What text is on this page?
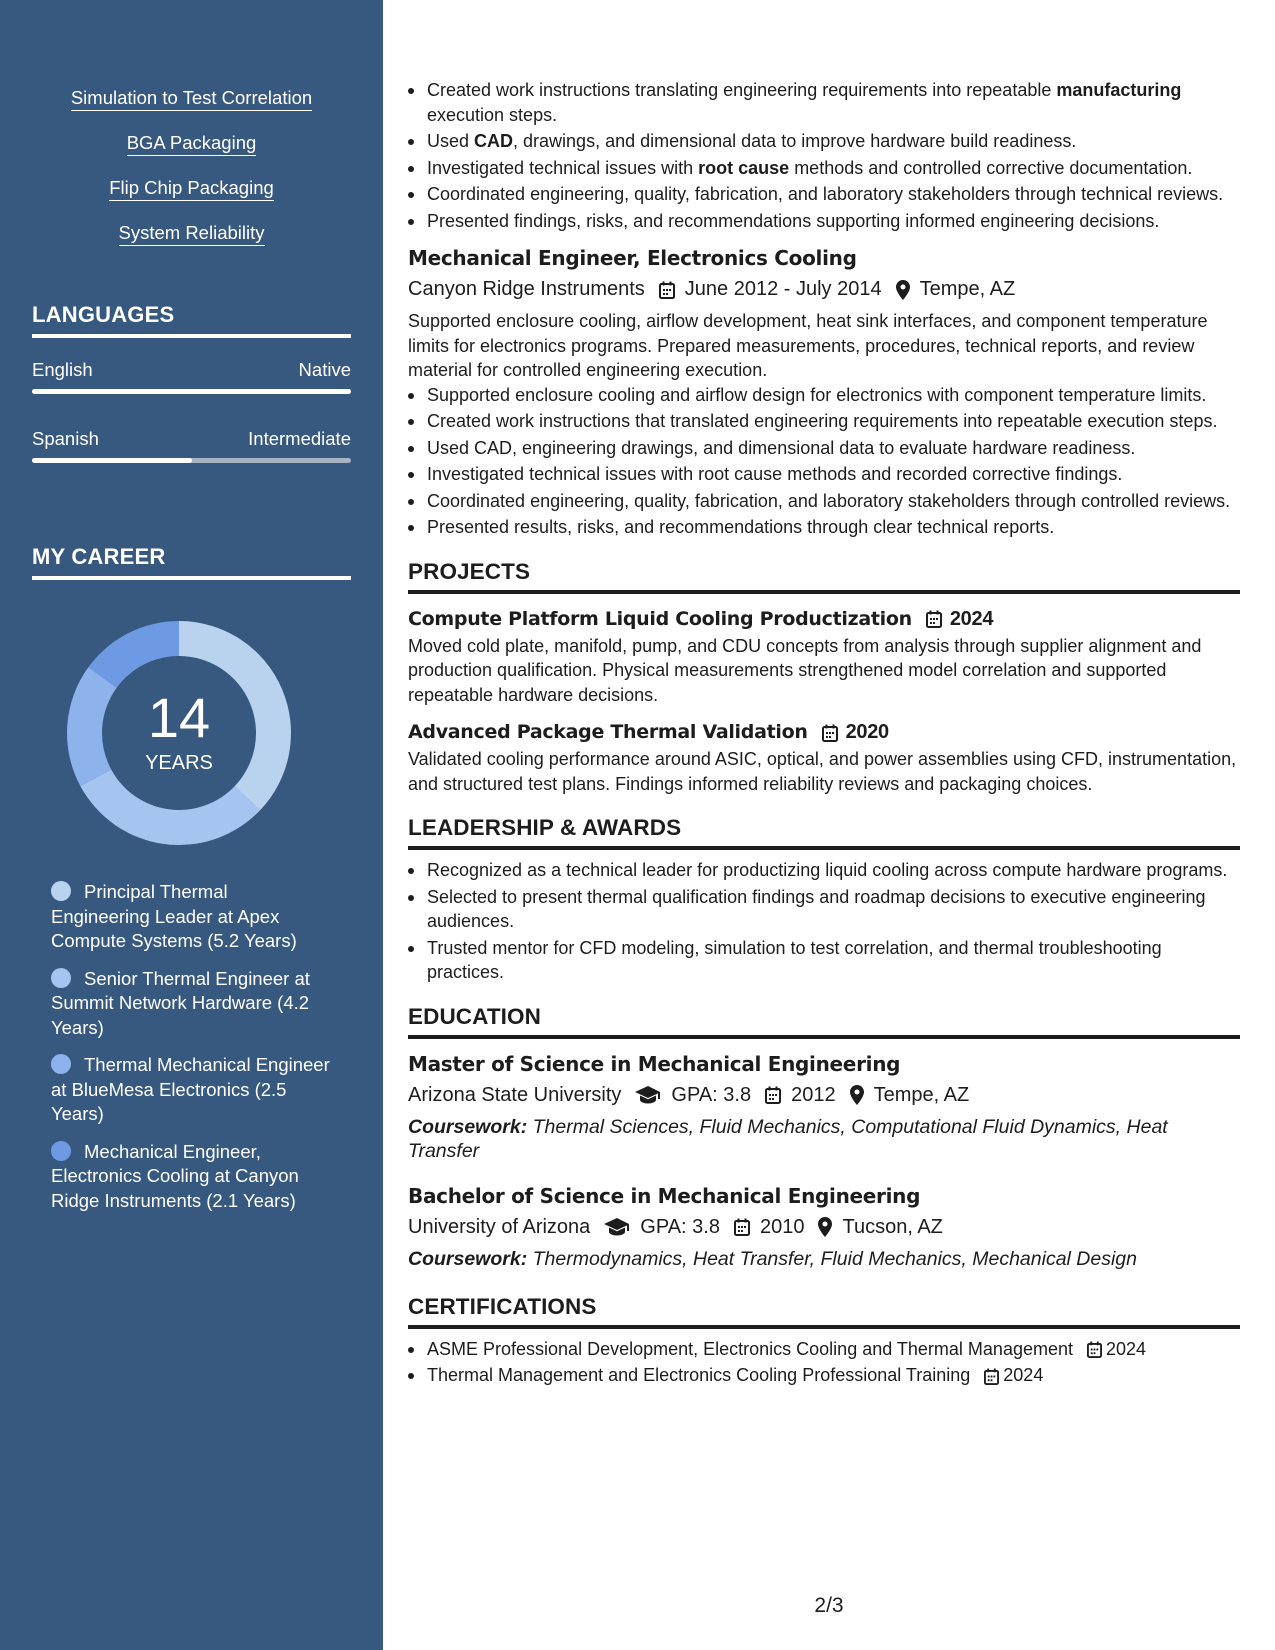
Simulation to Test Correlation
BGA Packaging
Flip Chip Packaging
System Reliability
LANGUAGES
English	Native
Spanish	Intermediate
MY CAREER
14
YEARS
Principal Thermal Engineering Leader at Apex Compute Systems (5.2 Years)
Senior Thermal Engineer at Summit Network Hardware (4.2 Years)
Thermal Mechanical Engineer at BlueMesa Electronics (2.5 Years)
Mechanical Engineer, Electronics Cooling at Canyon Ridge Instruments (2.1 Years)
Created work instructions translating engineering requirements into repeatable manufacturing execution steps.
Used CAD, drawings, and dimensional data to improve hardware build readiness.
Investigated technical issues with root cause methods and controlled corrective documentation.
Coordinated engineering, quality, fabrication, and laboratory stakeholders through technical reviews.
Presented findings, risks, and recommendations supporting informed engineering decisions.
Mechanical Engineer, Electronics Cooling
Canyon Ridge Instruments June 2012 - July 2014 Tempe, AZ
Supported enclosure cooling, airflow development, heat sink interfaces, and component temperature limits for electronics programs. Prepared measurements, procedures, technical reports, and review material for controlled engineering execution.
Supported enclosure cooling and airflow design for electronics with component temperature limits.
Created work instructions that translated engineering requirements into repeatable execution steps.
Used CAD, engineering drawings, and dimensional data to evaluate hardware readiness.
Investigated technical issues with root cause methods and recorded corrective findings.
Coordinated engineering, quality, fabrication, and laboratory stakeholders through controlled reviews.
Presented results, risks, and recommendations through clear technical reports.
PROJECTS
Compute Platform Liquid Cooling Productization 2024
Moved cold plate, manifold, pump, and CDU concepts from analysis through supplier alignment and production qualification. Physical measurements strengthened model correlation and supported repeatable hardware decisions.
Advanced Package Thermal Validation 2020
Validated cooling performance around ASIC, optical, and power assemblies using CFD, instrumentation, and structured test plans. Findings informed reliability reviews and packaging choices.
LEADERSHIP & AWARDS
Recognized as a technical leader for productizing liquid cooling across compute hardware programs.
Selected to present thermal qualification findings and roadmap decisions to executive engineering audiences.
Trusted mentor for CFD modeling, simulation to test correlation, and thermal troubleshooting practices.
EDUCATION
Master of Science in Mechanical Engineering
Arizona State University	GPA: 3.8 2012 Tempe, AZ
Coursework: Thermal Sciences, Fluid Mechanics, Computational Fluid Dynamics, Heat Transfer
Bachelor of Science in Mechanical Engineering
University of Arizona	GPA: 3.8 2010 Tucson, AZ
Coursework: Thermodynamics, Heat Transfer, Fluid Mechanics, Mechanical Design
CERTIFICATIONS
ASME Professional Development, Electronics Cooling and Thermal Management 2024
Thermal Management and Electronics Cooling Professional Training 2024
2/3
